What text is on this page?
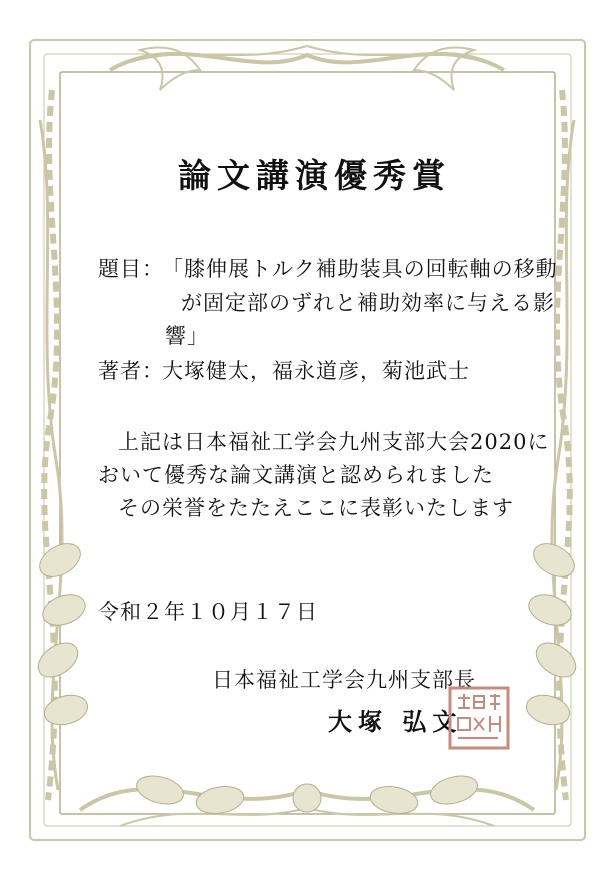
論文講演優秀賞
題目：
「膝伸展トルク補助装具の回転軸の移動
が固定部のずれと補助効率に与える影
響」
著者：
大塚健太，福永道彦，菊池武士
上記は日本福祉工学会九州支部大会2020に
おいて優秀な論文講演と認められました
その栄誉をたたえここに表彰いたします
令和２年１０月１７日
日本福祉工学会九州支部長
大塚 弘文
